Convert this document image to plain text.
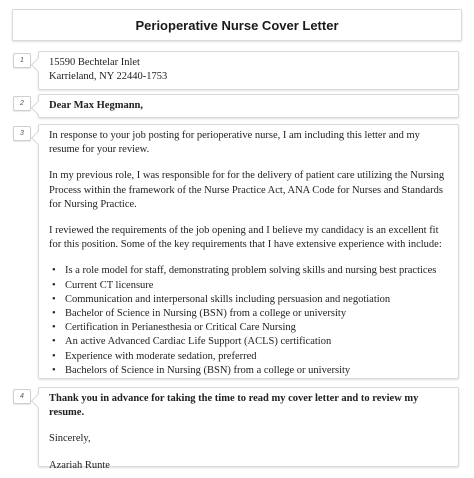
Perioperative Nurse Cover Letter
1	15590 Bechtelar Inlet

Karrieland, NY 22440-1753

2	Dear Max Hegmann,

3	In response to your job posting for perioperative nurse, I am including this letter and my resume for your review.

In my previous role, I was responsible for for the delivery of patient care utilizing the Nursing Process within the framework of the Nurse Practice Act, ANA Code for Nurses and Standards for Nursing Practice.

I reviewed the requirements of the job opening and I believe my candidacy is an excellent fit for this position. Some of the key requirements that I have extensive experience with include:

• Is a role model for staff, demonstrating problem solving skills and nursing best practices
• Current CT licensure
• Communication and interpersonal skills including persuasion and negotiation
• Bachelor of Science in Nursing (BSN) from a college or university
• Certification in Perianesthesia or Critical Care Nursing
• An active Advanced Cardiac Life Support (ACLS) certification
• Experience with moderate sedation, preferred
• Bachelors of Science in Nursing (BSN) from a college or university
4	Thank you in advance for taking the time to read my cover letter and to review my resume.

Sincerely,

Azariah Runte
